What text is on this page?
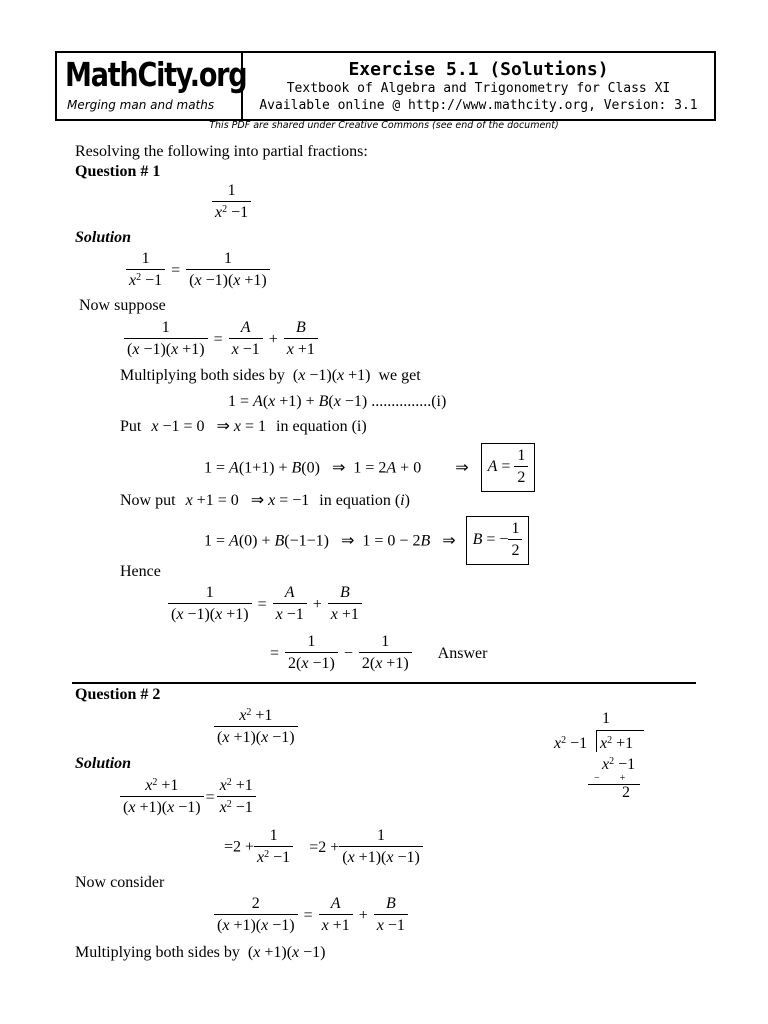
MathCity.org
Merging man and maths
Exercise 5.1 (Solutions)
Textbook of Algebra and Trigonometry for Class XI
Available online @ http://www.mathcity.org, Version: 3.1
This PDF are shared under Creative Commons (see end of the document)
Resolving the following into partial fractions:
Question # 1
$\frac{1}{x^2 -1}$
Solution
$\frac{1}{x^2 -1} = \frac{1}{(x -1)(x +1)}$
Now suppose
$\frac{1}{(x -1)(x +1)} = \frac{A}{x -1} + \frac{B}{x +1}$
Multiplying both sides by (x −1)(x +1) we get
1 = A(x +1) + B(x −1) ...............(i)
Put x −1 = 0   ⇒ x = 1 in equation (i)
1 = A(1+1) + B(0)   ⇒  1 = 2A + 0 ⇒ $A = \frac{1}{2}$
Now put x +1 = 0   ⇒ x = −1 in equation (i)
1 = A(0) + B(−1−1)   ⇒  1 = 0 − 2B   ⇒ B = − $\frac{1}{2}$
Hence
$\frac{1}{(x -1)(x +1)} = \frac{A}{x -1} + \frac{B}{x +1}$
= $\frac{1}{2(x -1)} - \frac{1}{2(x +1)}$ Answer
Question # 2
$\frac{x^2 +1}{(x +1)(x -1)}$	1
$x^2 -1$ $x^2 +1$
$x^2 -1$
−        +
2
Solution
$\frac{x^2 +1}{(x +1)(x -1)} = \frac{x^2 +1}{x^2 -1}$
$=2 + \frac{1}{x^2 -1} =2 + \frac{1}{(x +1)(x -1)}$
Now consider
$\frac{2}{(x +1)(x -1)} = \frac{A}{x +1} + \frac{B}{x -1}$
Multiplying both sides by (x +1)(x −1)
